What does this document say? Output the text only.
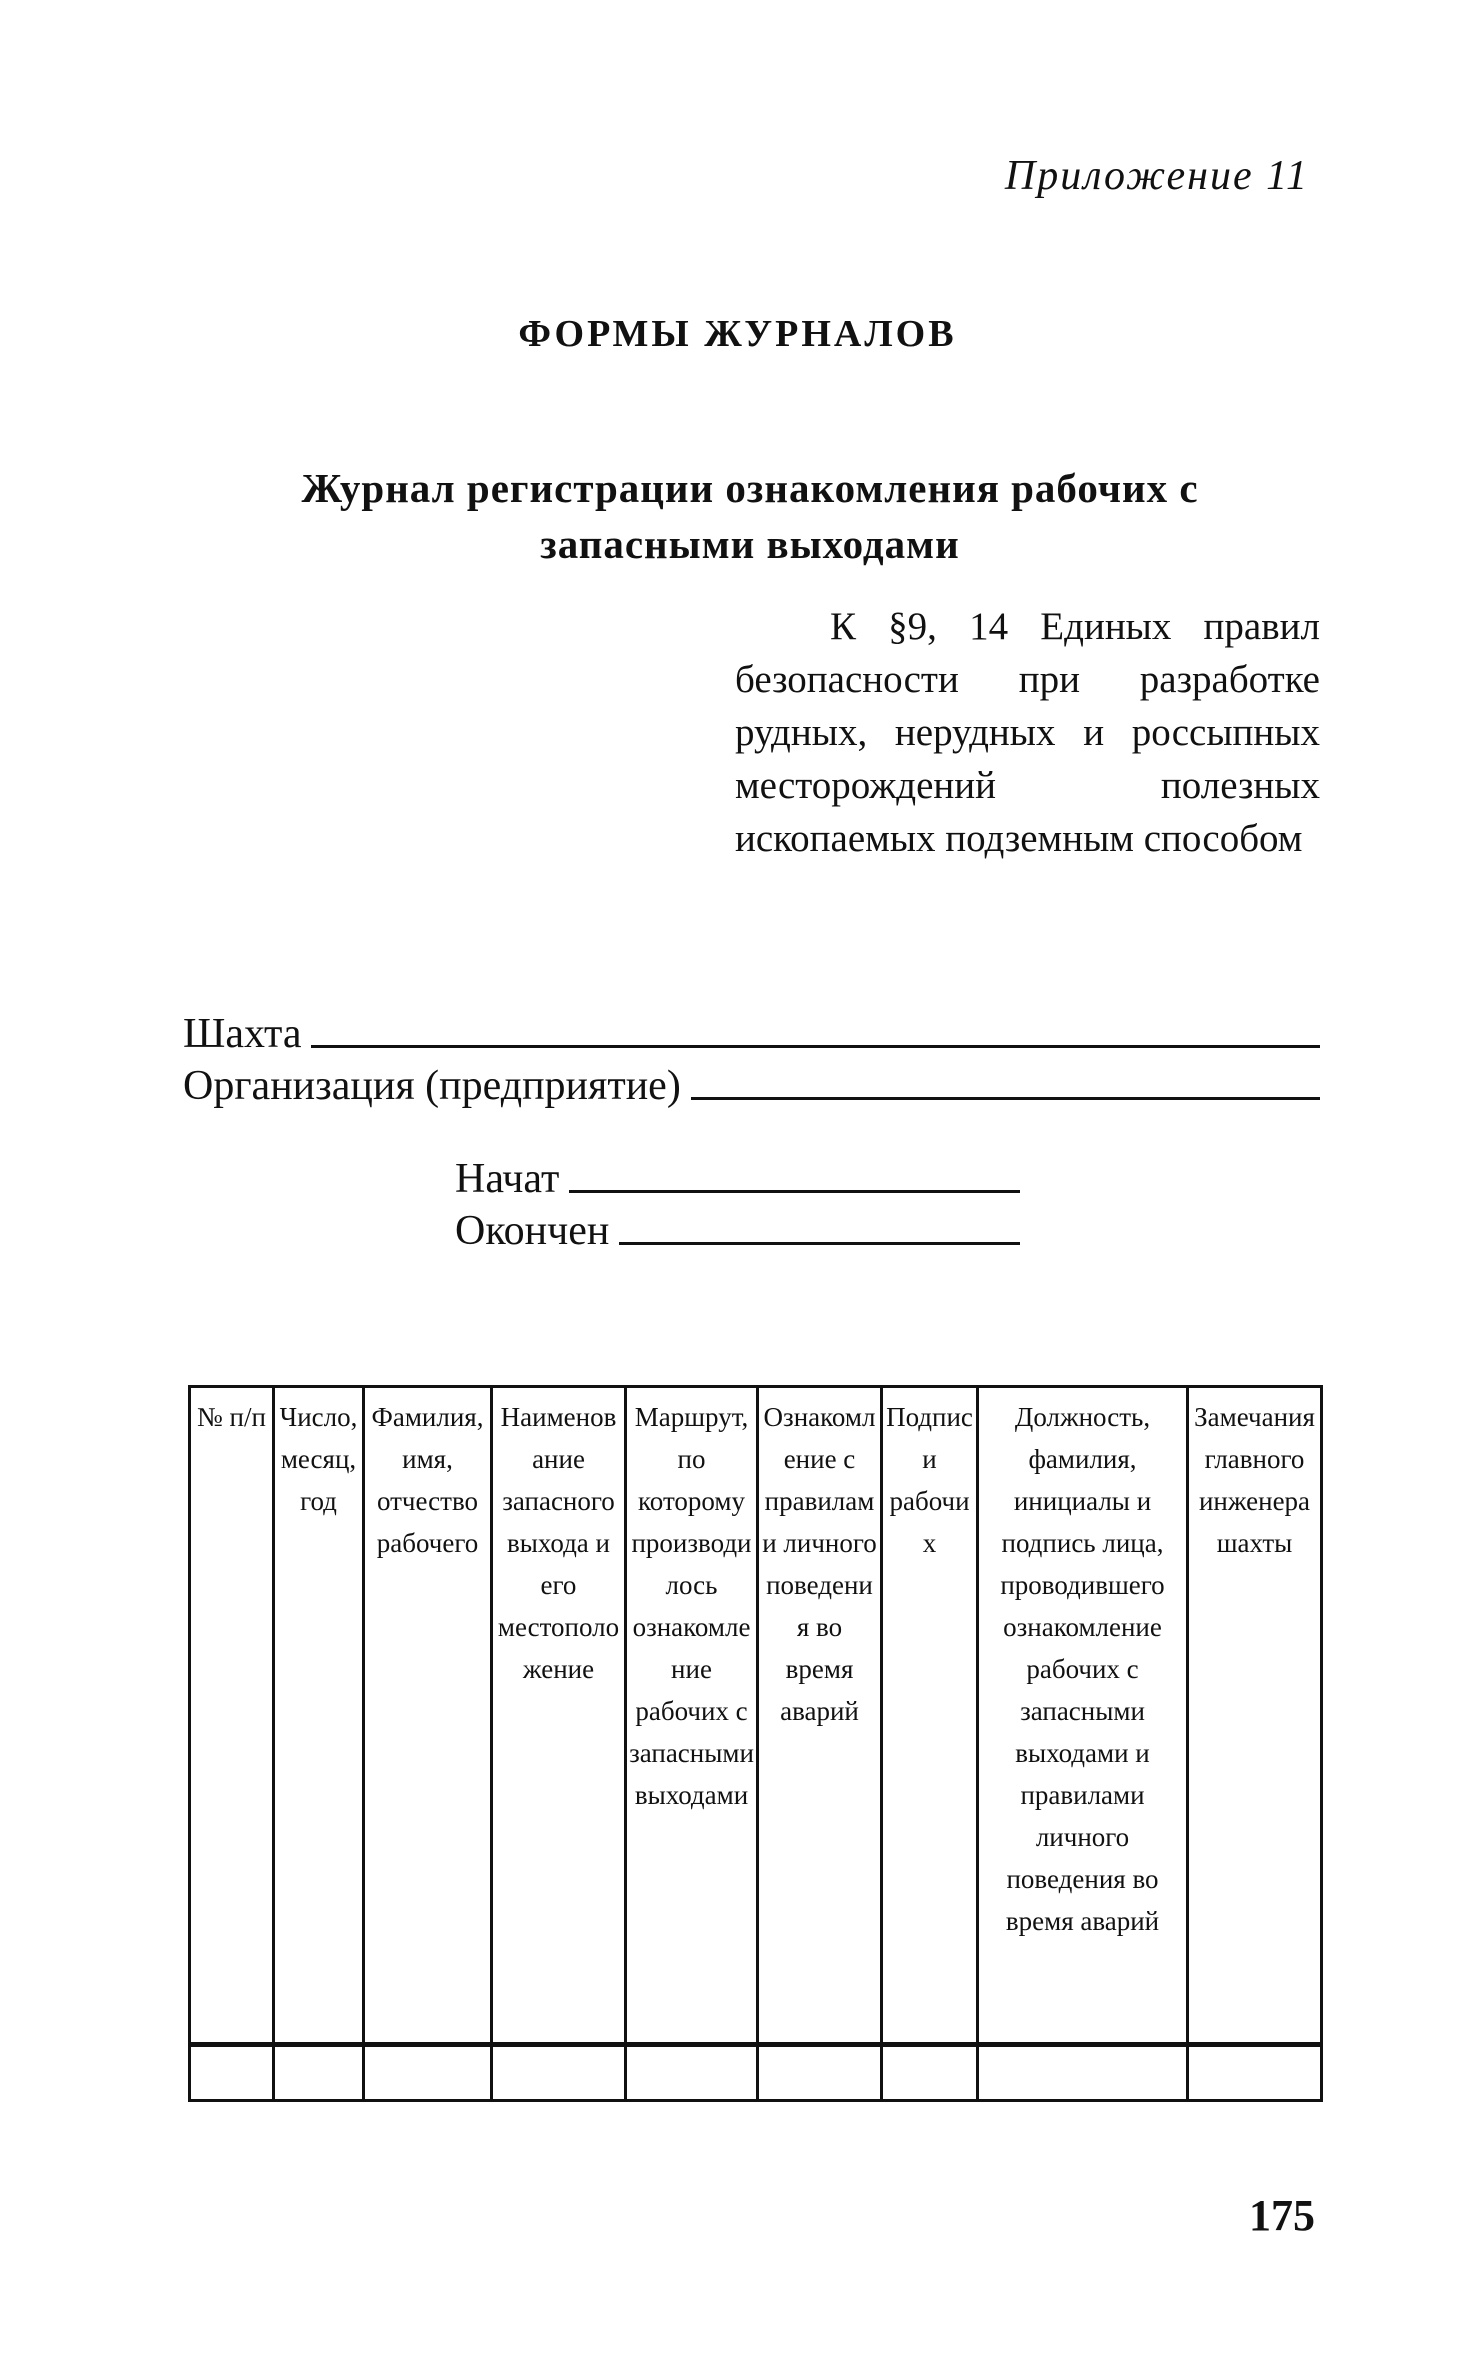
Приложение 11
ФОРМЫ ЖУРНАЛОВ
Журнал регистрации ознакомления рабочих с запасными выходами
К §9, 14 Единых правил безопасности при разработке рудных, нерудных и россыпных месторождений полезных ископаемых подземным способом
Шахта
Организация (предприятие)
Начат
Окончен
№ п/п	Число, месяц, год	Фамилия, имя, отчество рабочего	Наименование запасного выхода и его местоположение	Маршрут, по которому производилось ознакомление рабочих с запасными выходами	Ознакомление с правилами личного поведения во время аварий	Подписи рабочих	Должность, фамилия, инициалы и подпись лица, проводившего ознакомление рабочих с запасными выходами и правилами личного поведения во время аварий	Замечания главного инженера шахты

175
